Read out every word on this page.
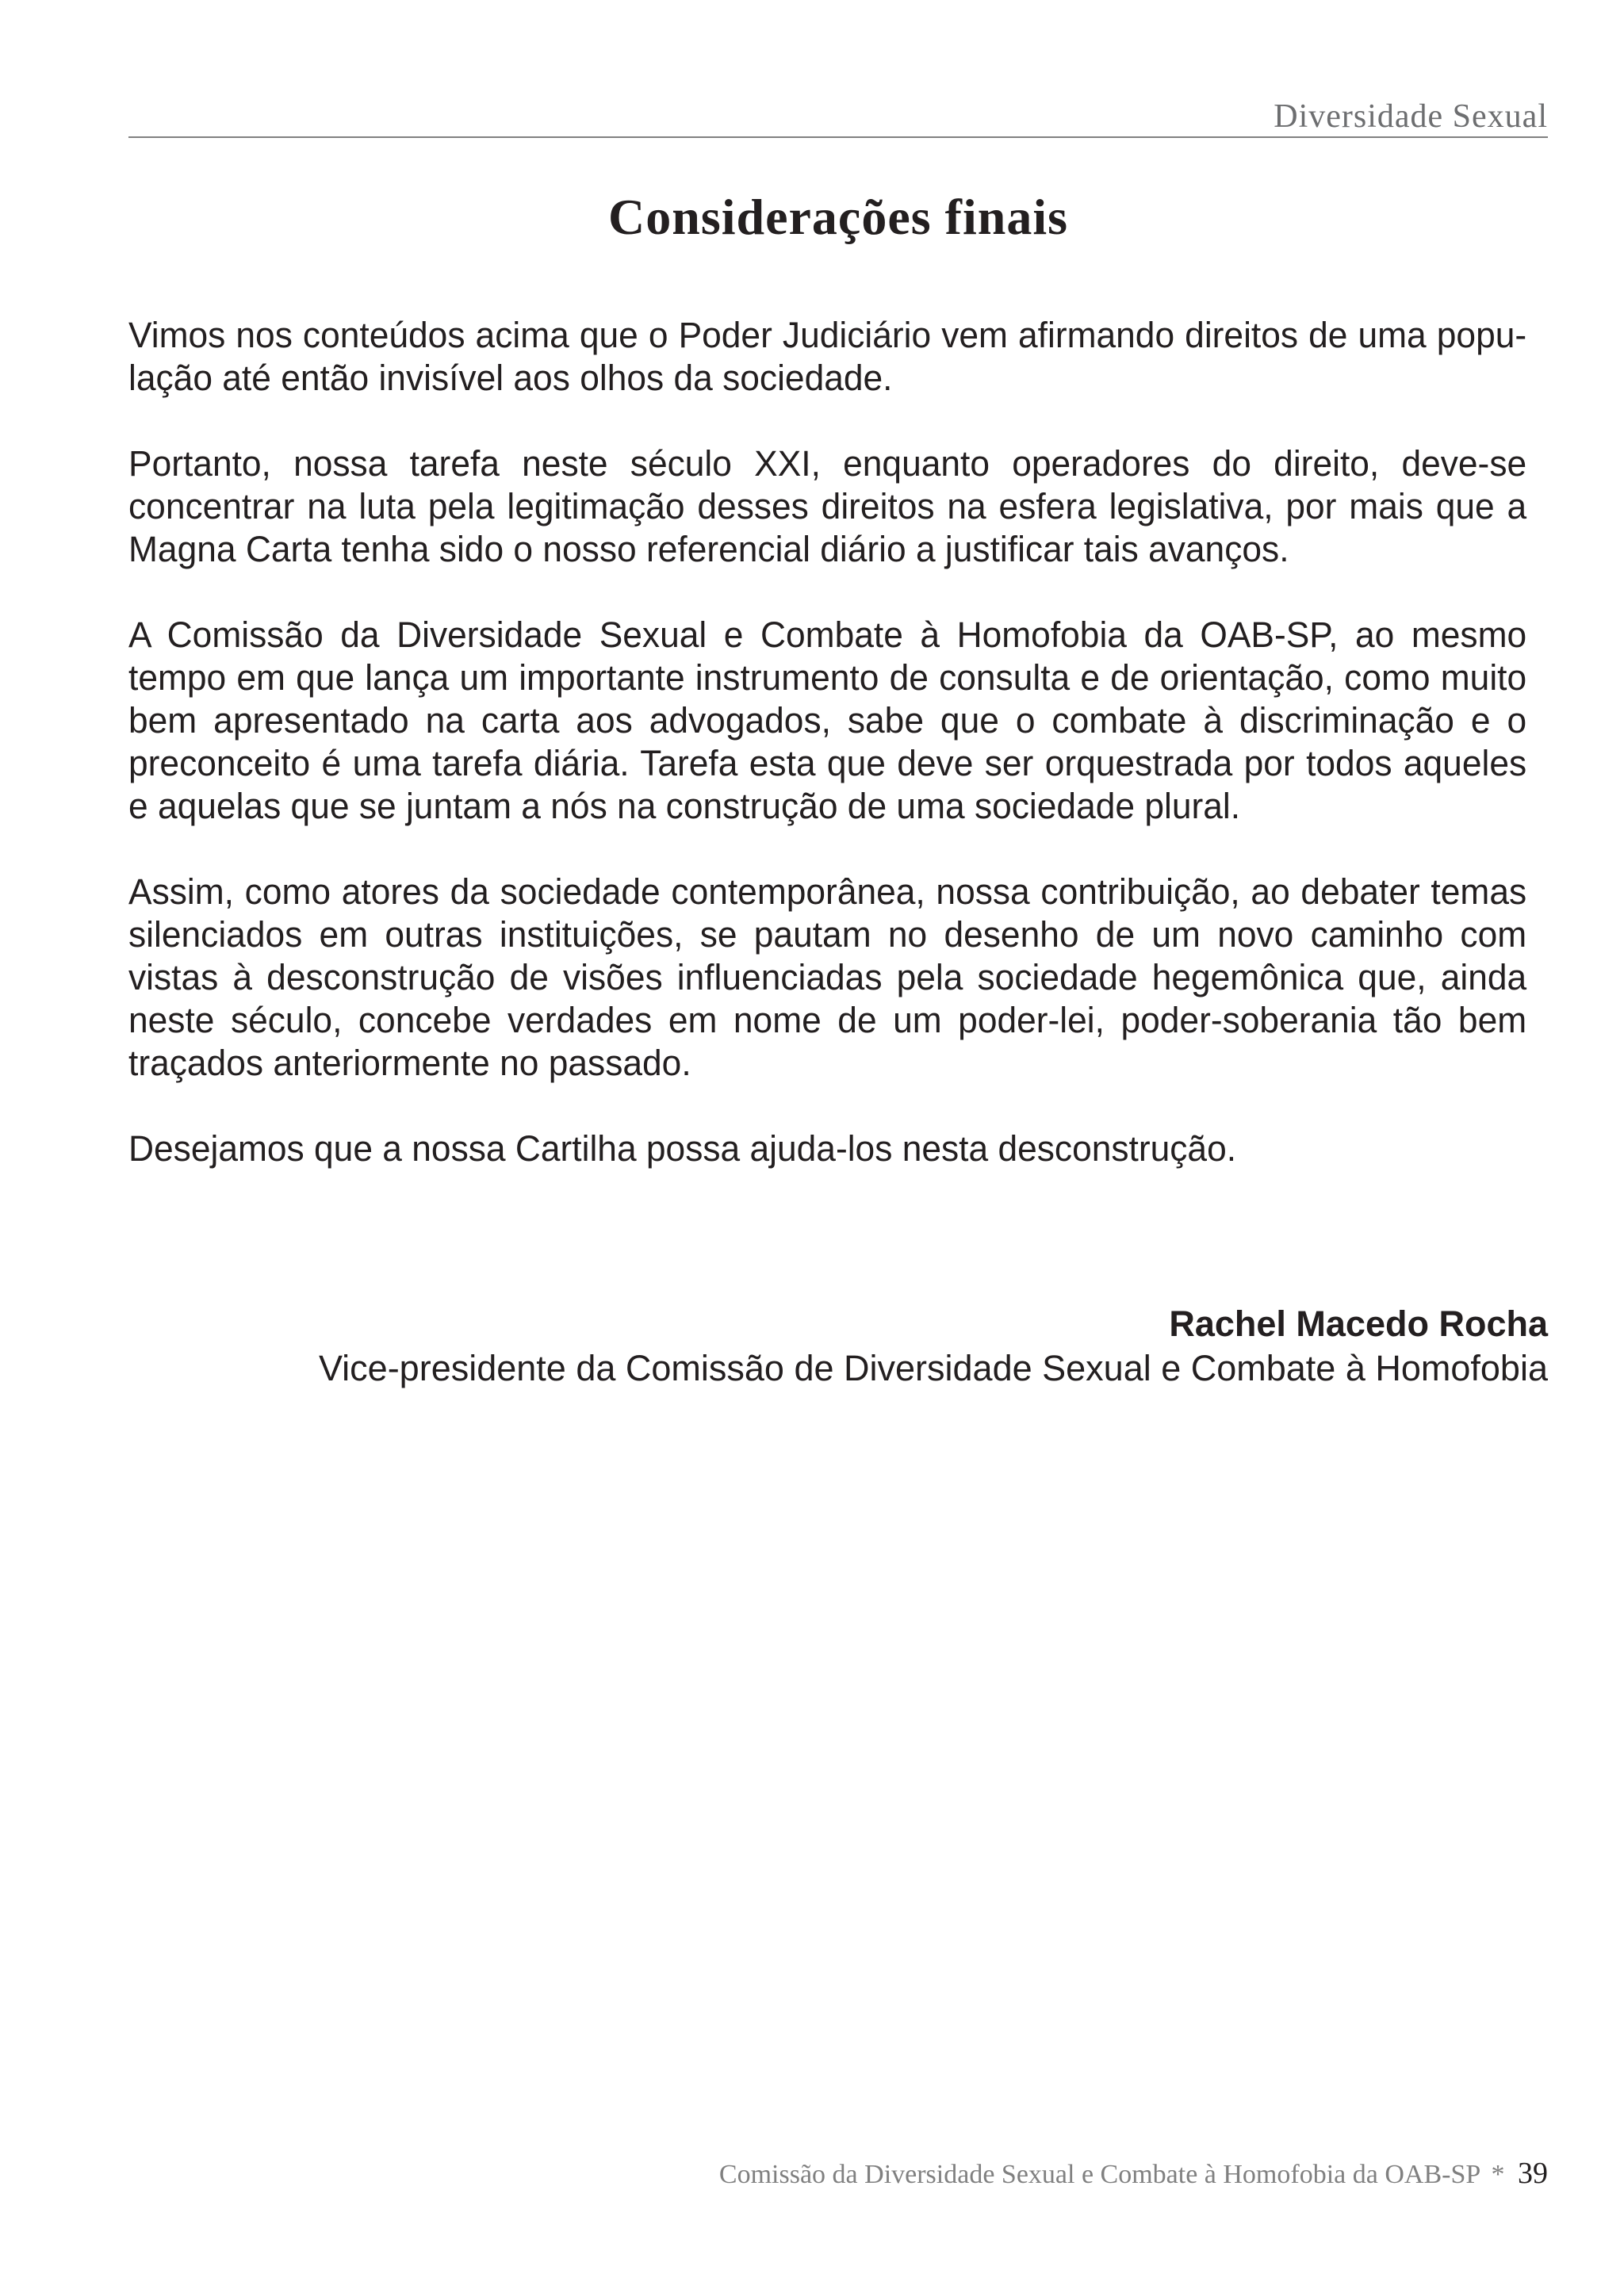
Diversidade Sexual
Considerações finais

Vimos nos conteúdos acima que o Poder Judiciário vem afirmando direitos de uma população até então invisível aos olhos da sociedade.

Portanto, nossa tarefa neste século XXI, enquanto operadores do direito, deve-se concentrar na luta pela legitimação desses direitos na esfera legislativa, por mais que a Magna Carta tenha sido o nosso referencial diário a justificar tais avanços.

A Comissão da Diversidade Sexual e Combate à Homofobia da OAB-SP, ao mesmo tempo em que lança um importante instrumento de consulta e de orientação, como muito bem apresentado na carta aos advogados, sabe que o combate à discriminação e o preconceito é uma tarefa diária. Tarefa esta que deve ser orquestrada por todos aqueles e aquelas que se juntam a nós na construção de uma sociedade plural.

Assim, como atores da sociedade contemporânea, nossa contribuição, ao debater temas silenciados em outras instituições, se pautam no desenho de um novo caminho com vistas à desconstrução de visões influenciadas pela sociedade hegemônica que, ainda neste século, concebe verdades em nome de um poder-lei, poder-soberania tão bem traçados anteriormente no passado.

Desejamos que a nossa Cartilha possa ajuda-los nesta desconstrução.

Rachel Macedo Rocha
Vice-presidente da Comissão de Diversidade Sexual e Combate à Homofobia
Comissão da Diversidade Sexual e Combate à Homofobia da OAB-SP * 39
